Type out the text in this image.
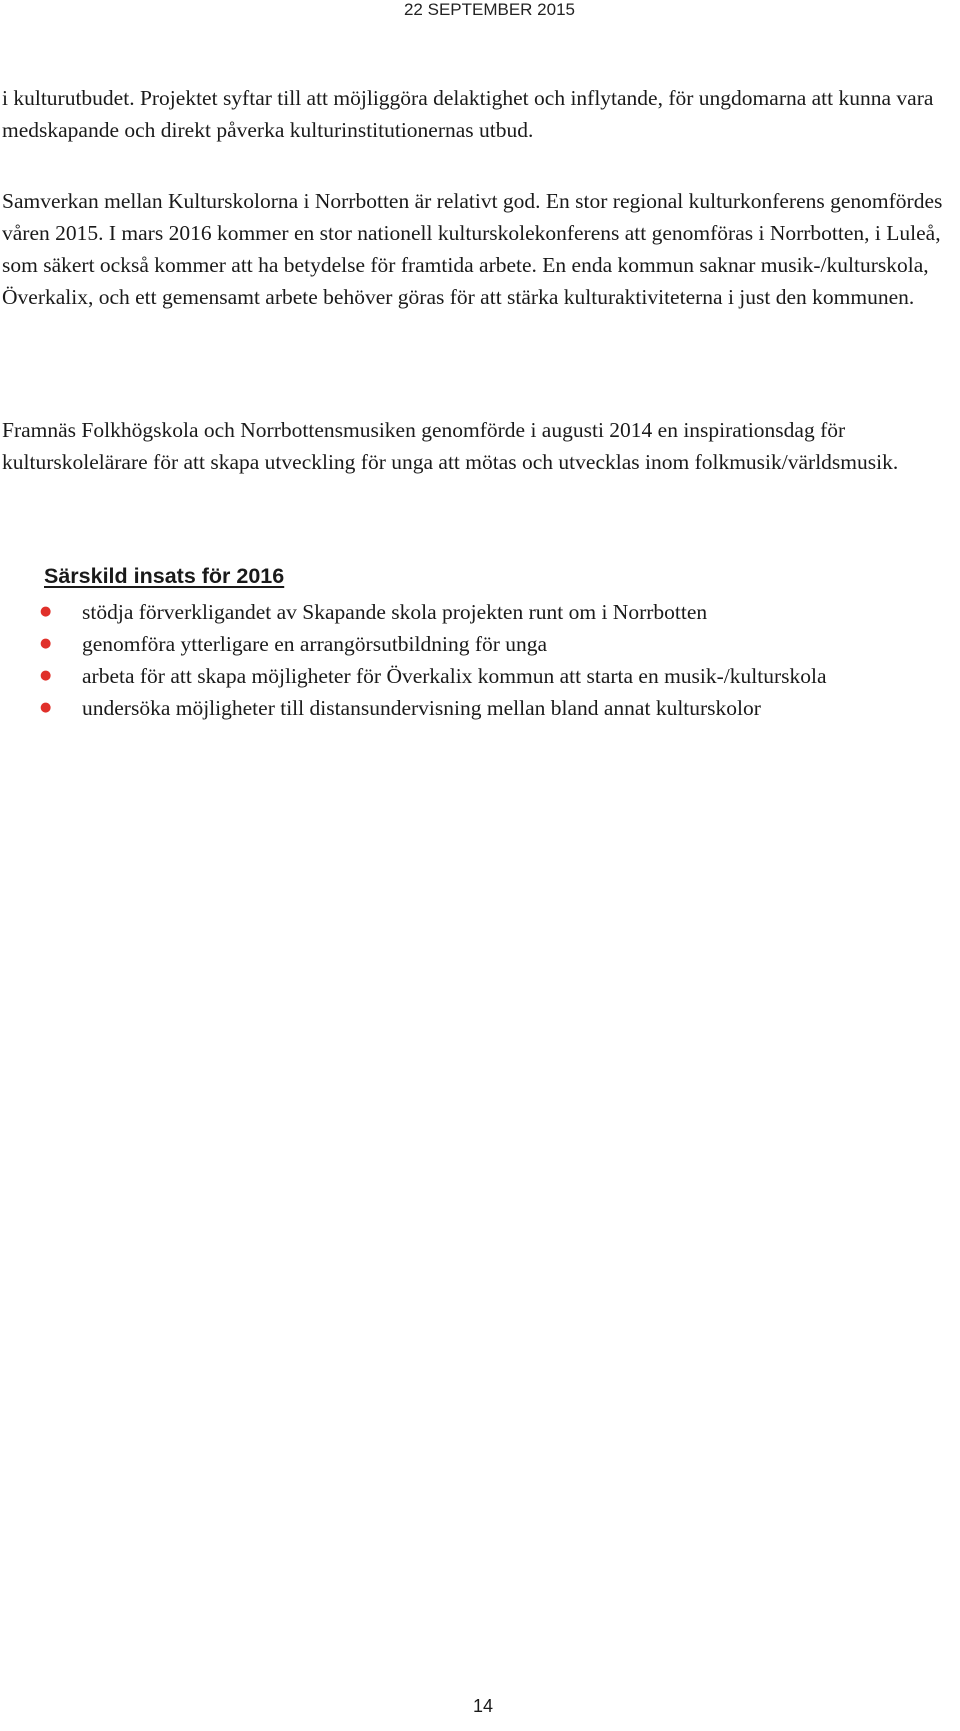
22 SEPTEMBER 2015

i kulturutbudet. Projektet syftar till att möjliggöra delaktighet och inflytande, för ungdomarna att kunna vara medskapande och direkt påverka kulturinstitutionernas utbud.

Samverkan mellan Kulturskolorna i Norrbotten är relativt god. En stor regional kulturkonferens genomfördes våren 2015. I mars 2016 kommer en stor nationell kulturskolekonferens att genomföras i Norrbotten, i Luleå, som säkert också kommer att ha betydelse för framtida arbete. En enda kommun saknar musik-/kulturskola, Överkalix, och ett gemensamt arbete behöver göras för att stärka kulturaktiviteterna i just den kommunen.

Framnäs Folkhögskola och Norrbottensmusiken genomförde i augusti 2014 en inspirationsdag för kulturskolelärare för att skapa utveckling för unga att mötas och utvecklas inom folkmusik/världsmusik.

Särskild insats för 2016
● stödja förverkligandet av Skapande skola projekten runt om i Norrbotten
● genomföra ytterligare en arrangörsutbildning för unga
● arbeta för att skapa möjligheter för Överkalix kommun att starta en musik-/kulturskola
● undersöka möjligheter till distansundervisning mellan bland annat kulturskolor
14
